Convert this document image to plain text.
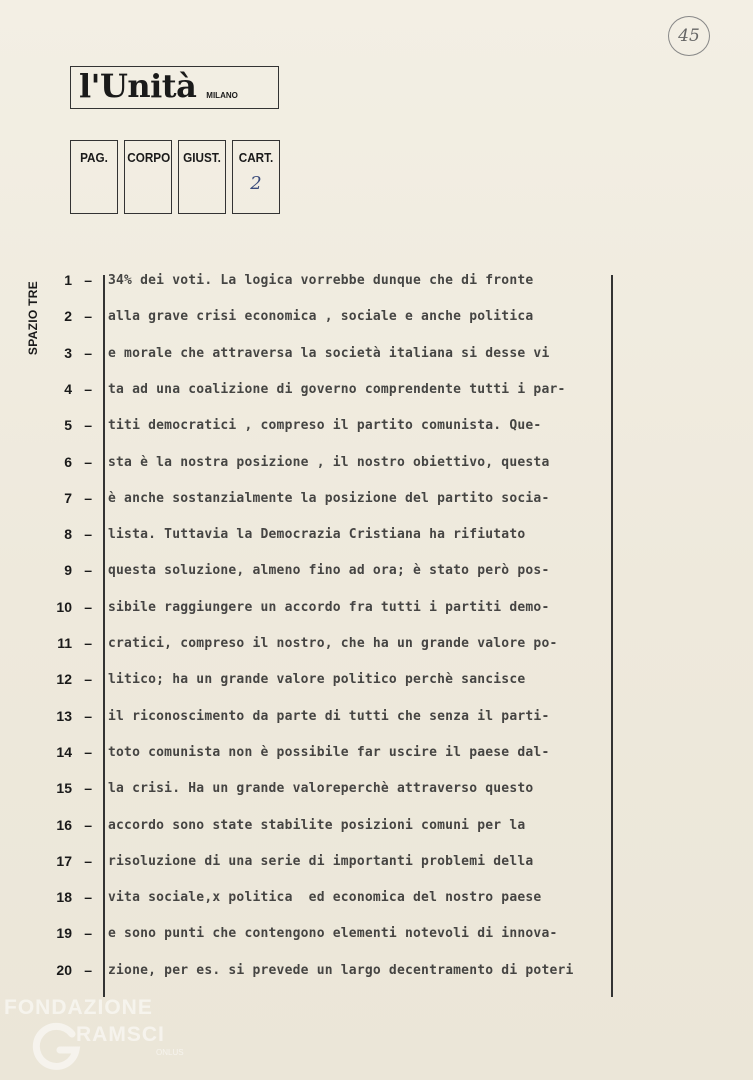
45
l'Unità MILANO
PAG.	CORPO GIUST. CART.
2
SPAZIO TRE
1 –
2 –
3 –
4 –
5 –
6 –
7 –
8 –
9 –
10 –
11 –
12 –
13 –
14 –
15 –
16 –
17 –
18 –
19 –
20 –
34% dei voti. La logica vorrebbe dunque che di fronte
alla grave crisi economica , sociale e anche politica
e morale che attraversa la società italiana si desse vi
ta ad una coalizione di governo comprendente tutti i par-
titi democratici , compreso il partito comunista. Que-
sta è la nostra posizione , il nostro obiettivo, questa
è anche sostanzialmente la posizione del partito socia-
lista. Tuttavia la Democrazia Cristiana ha rifiutato
questa soluzione, almeno fino ad ora; è stato però pos-
sibile raggiungere un accordo fra tutti i partiti demo-
cratici, compreso il nostro, che ha un grande valore po-
litico; ha un grande valore politico perchè sancisce
il riconoscimento da parte di tutti che senza il parti-
toto comunista non è possibile far uscire il paese dal-
la crisi. Ha un grande valoreperchè attraverso questo
accordo sono state stabilite posizioni comuni per la
risoluzione di una serie di importanti problemi della
vita sociale,x politica  ed economica del nostro paese
e sono punti che contengono elementi notevoli di innova-
zione, per es. si prevede un largo decentramento di poteri
FONDAZIONE
RAMSCI
ONLUS
